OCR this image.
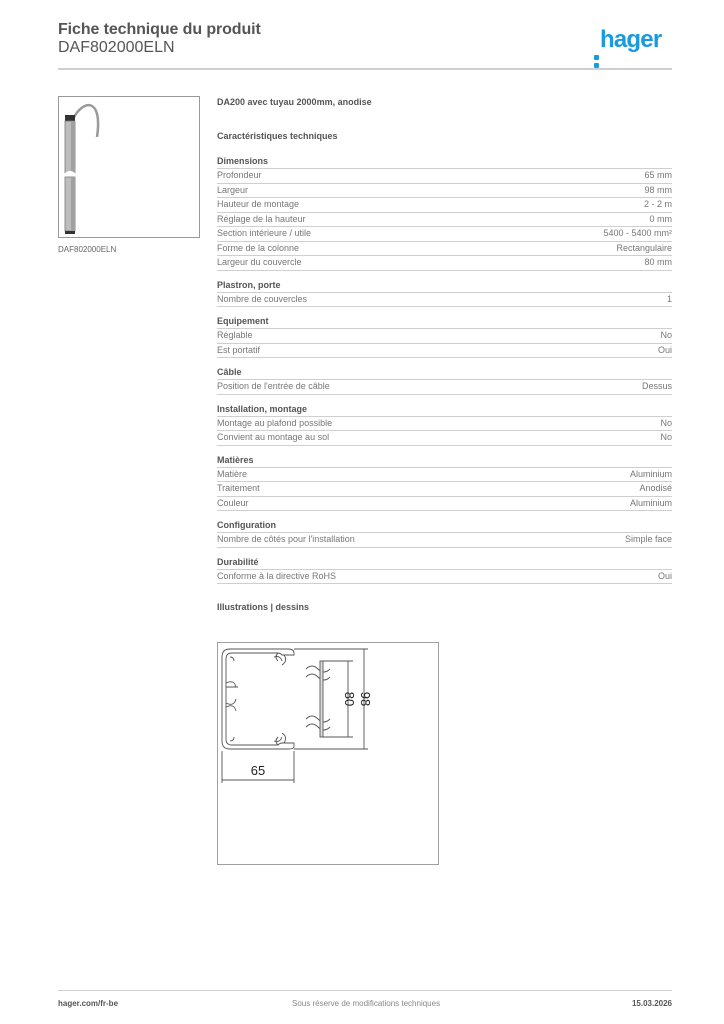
Fiche technique du produit
DAF802000ELN	hager
DAF802000ELN
DA200 avec tuyau 2000mm, anodise
Caractéristiques techniques
Dimensions
Profondeur	65 mm
Largeur	98 mm
Hauteur de montage	2 - 2 m
Réglage de la hauteur	0 mm
Section intérieure / utile	5400 - 5400 mm²
Forme de la colonne	Rectangulaire
Largeur du couvercle	80 mm
Plastron, porte
Nombre de couvercles	1
Equipement
Réglable	No
Est portatif	Oui
Câble
Position de l'entrée de câble	Dessus
Installation, montage
Montage au plafond possible	No
Convient au montage au sol	No
Matières
Matière	Aluminium
Traitement	Anodisé
Couleur	Aluminium
Configuration
Nombre de côtés pour l'installation	Simple face
Durabilité
Conforme à la directive RoHS	Oui
Illustrations | dessins
80 98
65
hager.com/fr-be	Sous réserve de modifications techniques	15.03.2026
